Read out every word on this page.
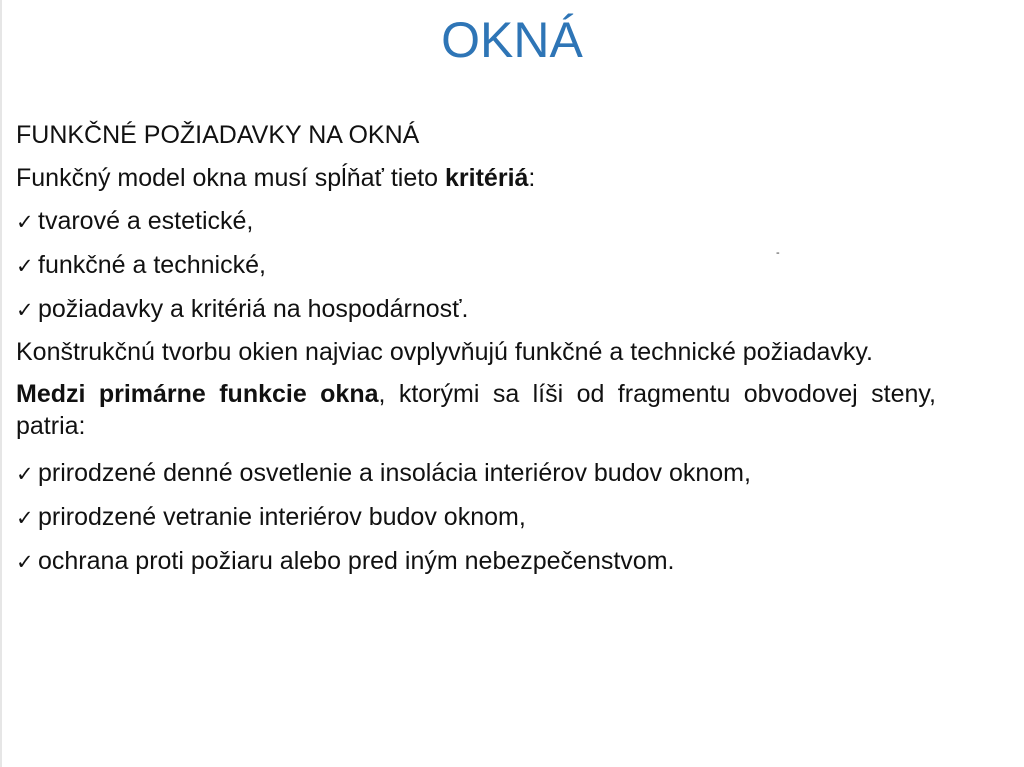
OKNÁ
-
FUNKČNÉ POŽIADAVKY NA OKNÁ
Funkčný model okna musí spĺňať tieto kritériá:
✓ tvarové a estetické,
✓ funkčné a technické,
✓ požiadavky a kritériá na hospodárnosť.
Konštrukčnú tvorbu okien najviac ovplyvňujú funkčné a technické požiadavky.
Medzi primárne funkcie okna, ktorými sa líši od fragmentu obvodovej steny, patria:
✓ prirodzené denné osvetlenie a insolácia interiérov budov oknom,
✓ prirodzené vetranie interiérov budov oknom,
✓ ochrana proti požiaru alebo pred iným nebezpečenstvom.
